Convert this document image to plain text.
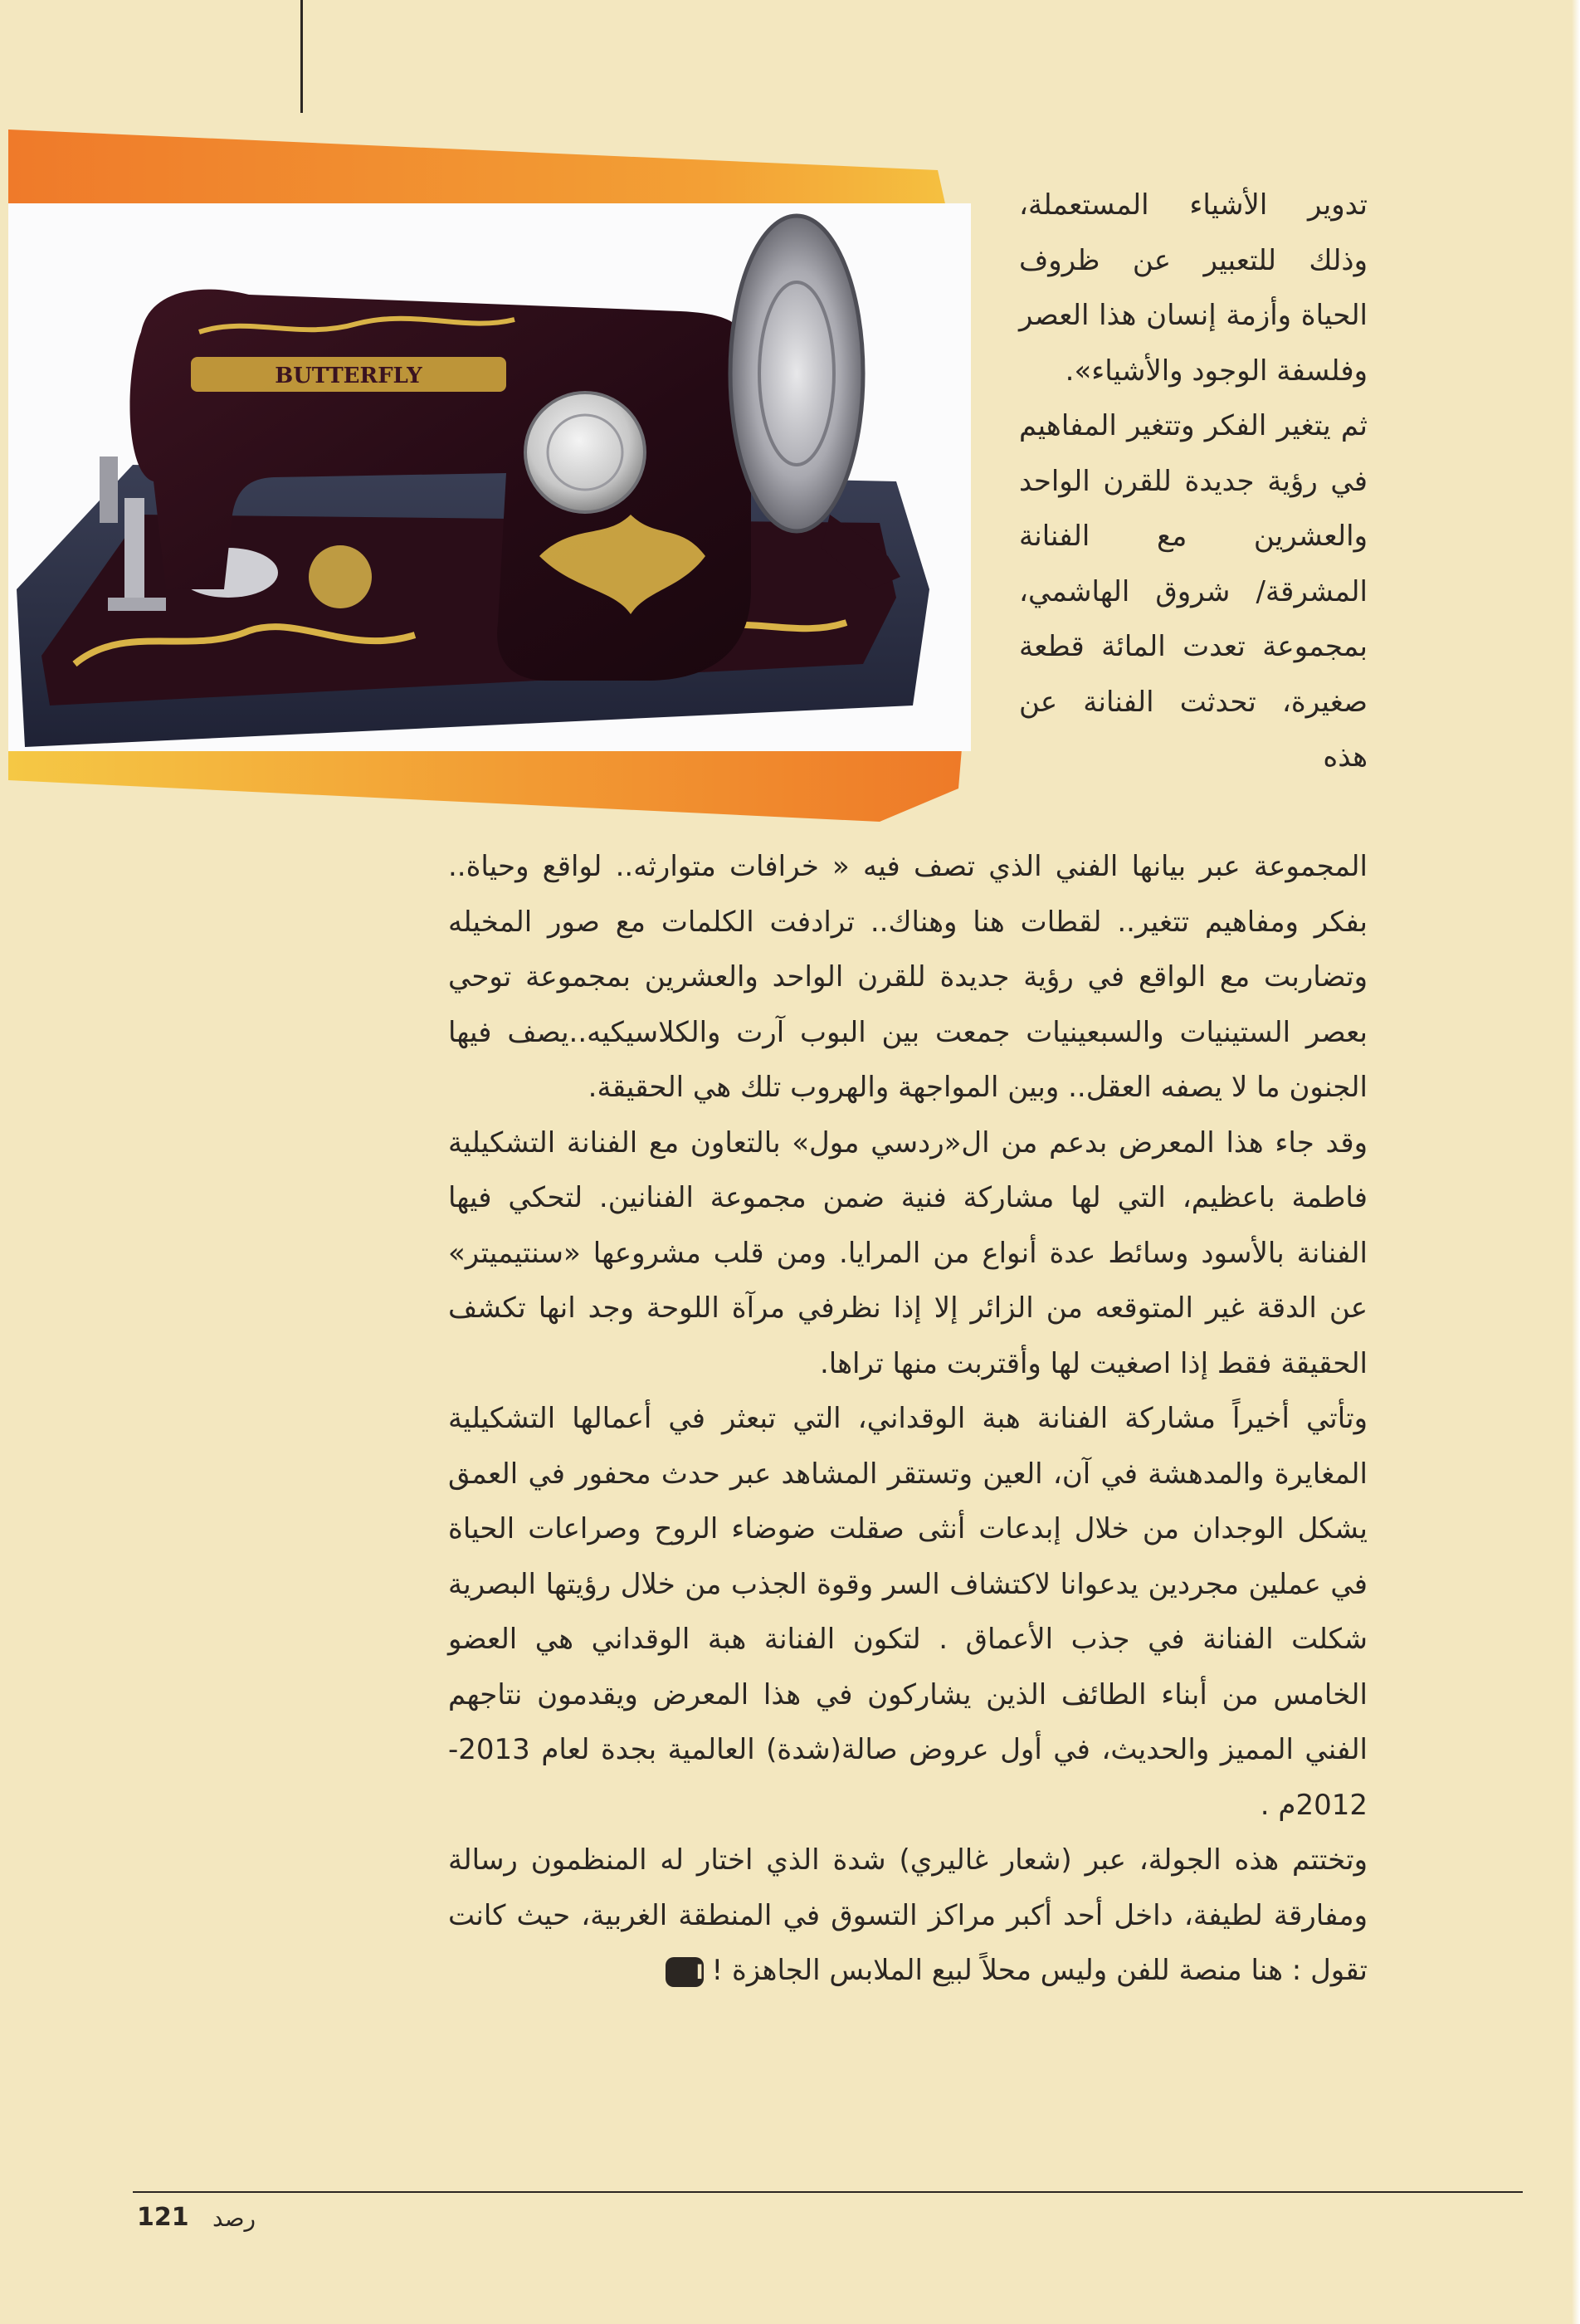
BUTTERFLY

تدوير الأشياء المستعملة، وذلك للتعبير عن ظروف الحياة وأزمة إنسان هذا العصر وفلسفة الوجود والأشياء».

ثم يتغير الفكر وتتغير المفاهيم في رؤية جديدة للقرن الواحد والعشرين مع الفنانة المشرقة/ شروق الهاشمي، بمجموعة تعدت المائة قطعة صغيرة، تحدثت الفنانة عن هذه

المجموعة عبر بيانها الفني الذي تصف فيه « خرافات متوارثه.. لواقع وحياة.. بفكر ومفاهيم تتغير.. لقطات هنا وهناك.. ترادفت الكلمات مع صور المخيله وتضاربت مع الواقع في رؤية جديدة للقرن الواحد والعشرين بمجموعة توحي بعصر الستينيات والسبعينيات جمعت بين البوب آرت والكلاسيكيه..يصف فيها الجنون ما لا يصفه العقل.. وبين المواجهة والهروب تلك هي الحقيقة.

وقد جاء هذا المعرض بدعم من ال«ردسي مول» بالتعاون مع الفنانة التشكيلية فاطمة باعظيم، التي لها مشاركة فنية ضمن مجموعة الفنانين. لتحكي فيها الفنانة بالأسود وسائط عدة أنواع من المرايا. ومن قلب مشروعها «سنتيميتر» عن الدقة غير المتوقعه من الزائر إلا إذا نظرفي مرآة اللوحة وجد انها تكشف الحقيقة فقط إذا اصغيت لها وأقتربت منها تراها.

وتأتي أخيراً مشاركة الفنانة هبة الوقداني، التي تبعثر في أعمالها التشكيلية المغايرة والمدهشة في آن، العين وتستقر المشاهد عبر حدث محفور في العمق يشكل الوجدان من خلال إبدعات أنثى صقلت ضوضاء الروح وصراعات الحياة في عملين مجردين يدعوانا لاكتشاف السر وقوة الجذب من خلال رؤيتها البصرية شكلت الفنانة في جذب الأعماق . لتكون الفنانة هبة الوقداني هي العضو الخامس من أبناء الطائف الذين يشاركون في هذا المعرض ويقدمون نتاجهم الفني المميز والحديث، في أول عروض صالة(شدة) العالمية بجدة لعام 2013-2012م .

وتختتم هذه الجولة، عبر (شعار غاليري) شدة الذي اختار له المنظمون رسالة ومفارقة لطيفة، داخل أحد أكبر مراكز التسوق في المنطقة الغربية، حيث كانت تقول : هنا منصة للفن وليس محلاً لبيع الملابس الجاهزة !I

121 رصد
